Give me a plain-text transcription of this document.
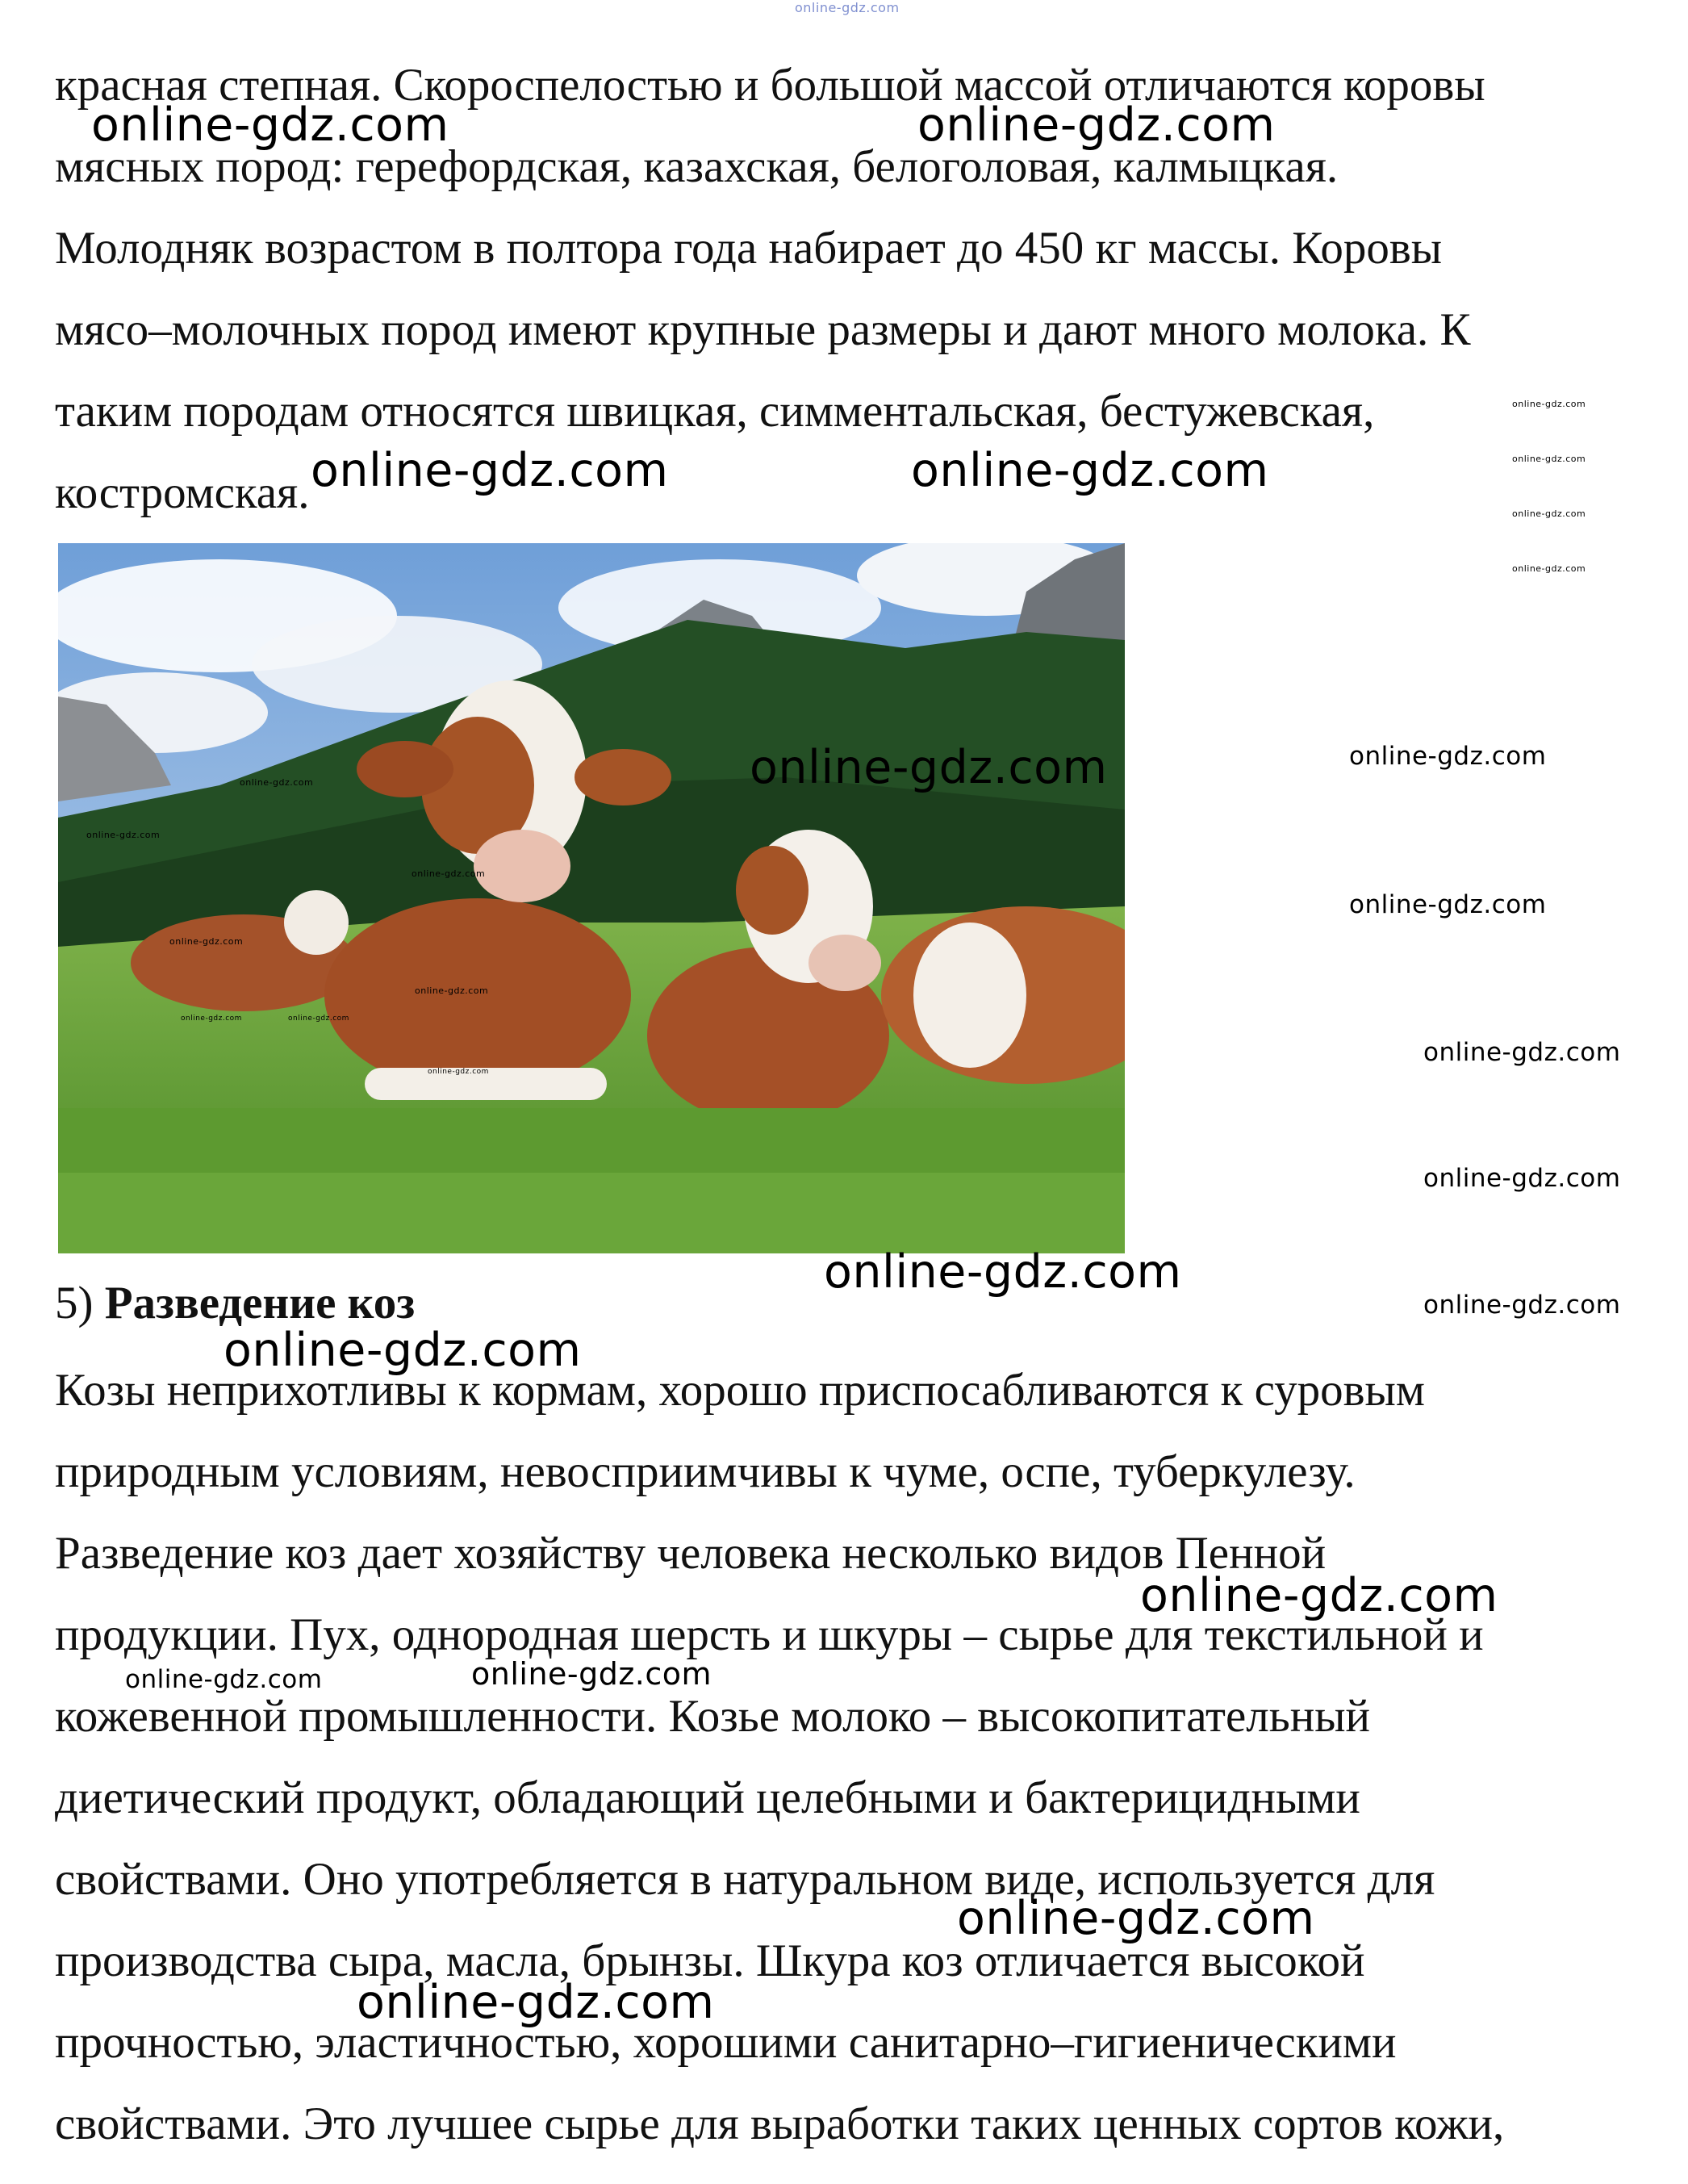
online-gdz.com
красная степная. Скороспелостью и большой массой отличаются коровы
мясных пород: герефордская, казахская, белоголовая, калмыцкая.
Молодняк возрастом в полтора года набирает до 450 кг массы. Коровы
мясо–молочных пород имеют крупные размеры и дают много молока. К
таким породам относятся швицкая, симментальская, бестужевская,
костромская.
online-gdz.com
online-gdz.com
online-gdz.com
online-gdz.com
online-gdz.com
online-gdz.com	online-gdz.com
online-gdz.com
5) Разведение коз
Козы неприхотливы к кормам, хорошо приспосабливаются к суровым
природным условиям, невосприимчивы к чуме, оспе, туберкулезу.
Разведение коз дает хозяйству человека несколько видов Пенной
продукции. Пух, однородная шерсть и шкуры – сырье для текстильной и
кожевенной промышленности. Козье молоко – высокопитательный
диетический продукт, обладающий целебными и бактерицидными
свойствами. Оно употребляется в натуральном виде, используется для
производства сыра, масла, брынзы. Шкура коз отличается высокой
прочностью, эластичностью, хорошими санитарно–гигиеническими
свойствами. Это лучшее сырье для выработки таких ценных сортов кожи,
online-gdz.com	online-gdz.com
online-gdz.com	online-gdz.com
online-gdz.com
online-gdz.com
online-gdz.com
online-gdz.com
online-gdz.com
online-gdz.com
online-gdz.com
online-gdz.com
online-gdz.com
online-gdz.com
online-gdz.com
online-gdz.com	online-gdz.com
online-gdz.com
online-gdz.com
online-gdz.com
online-gdz.com
